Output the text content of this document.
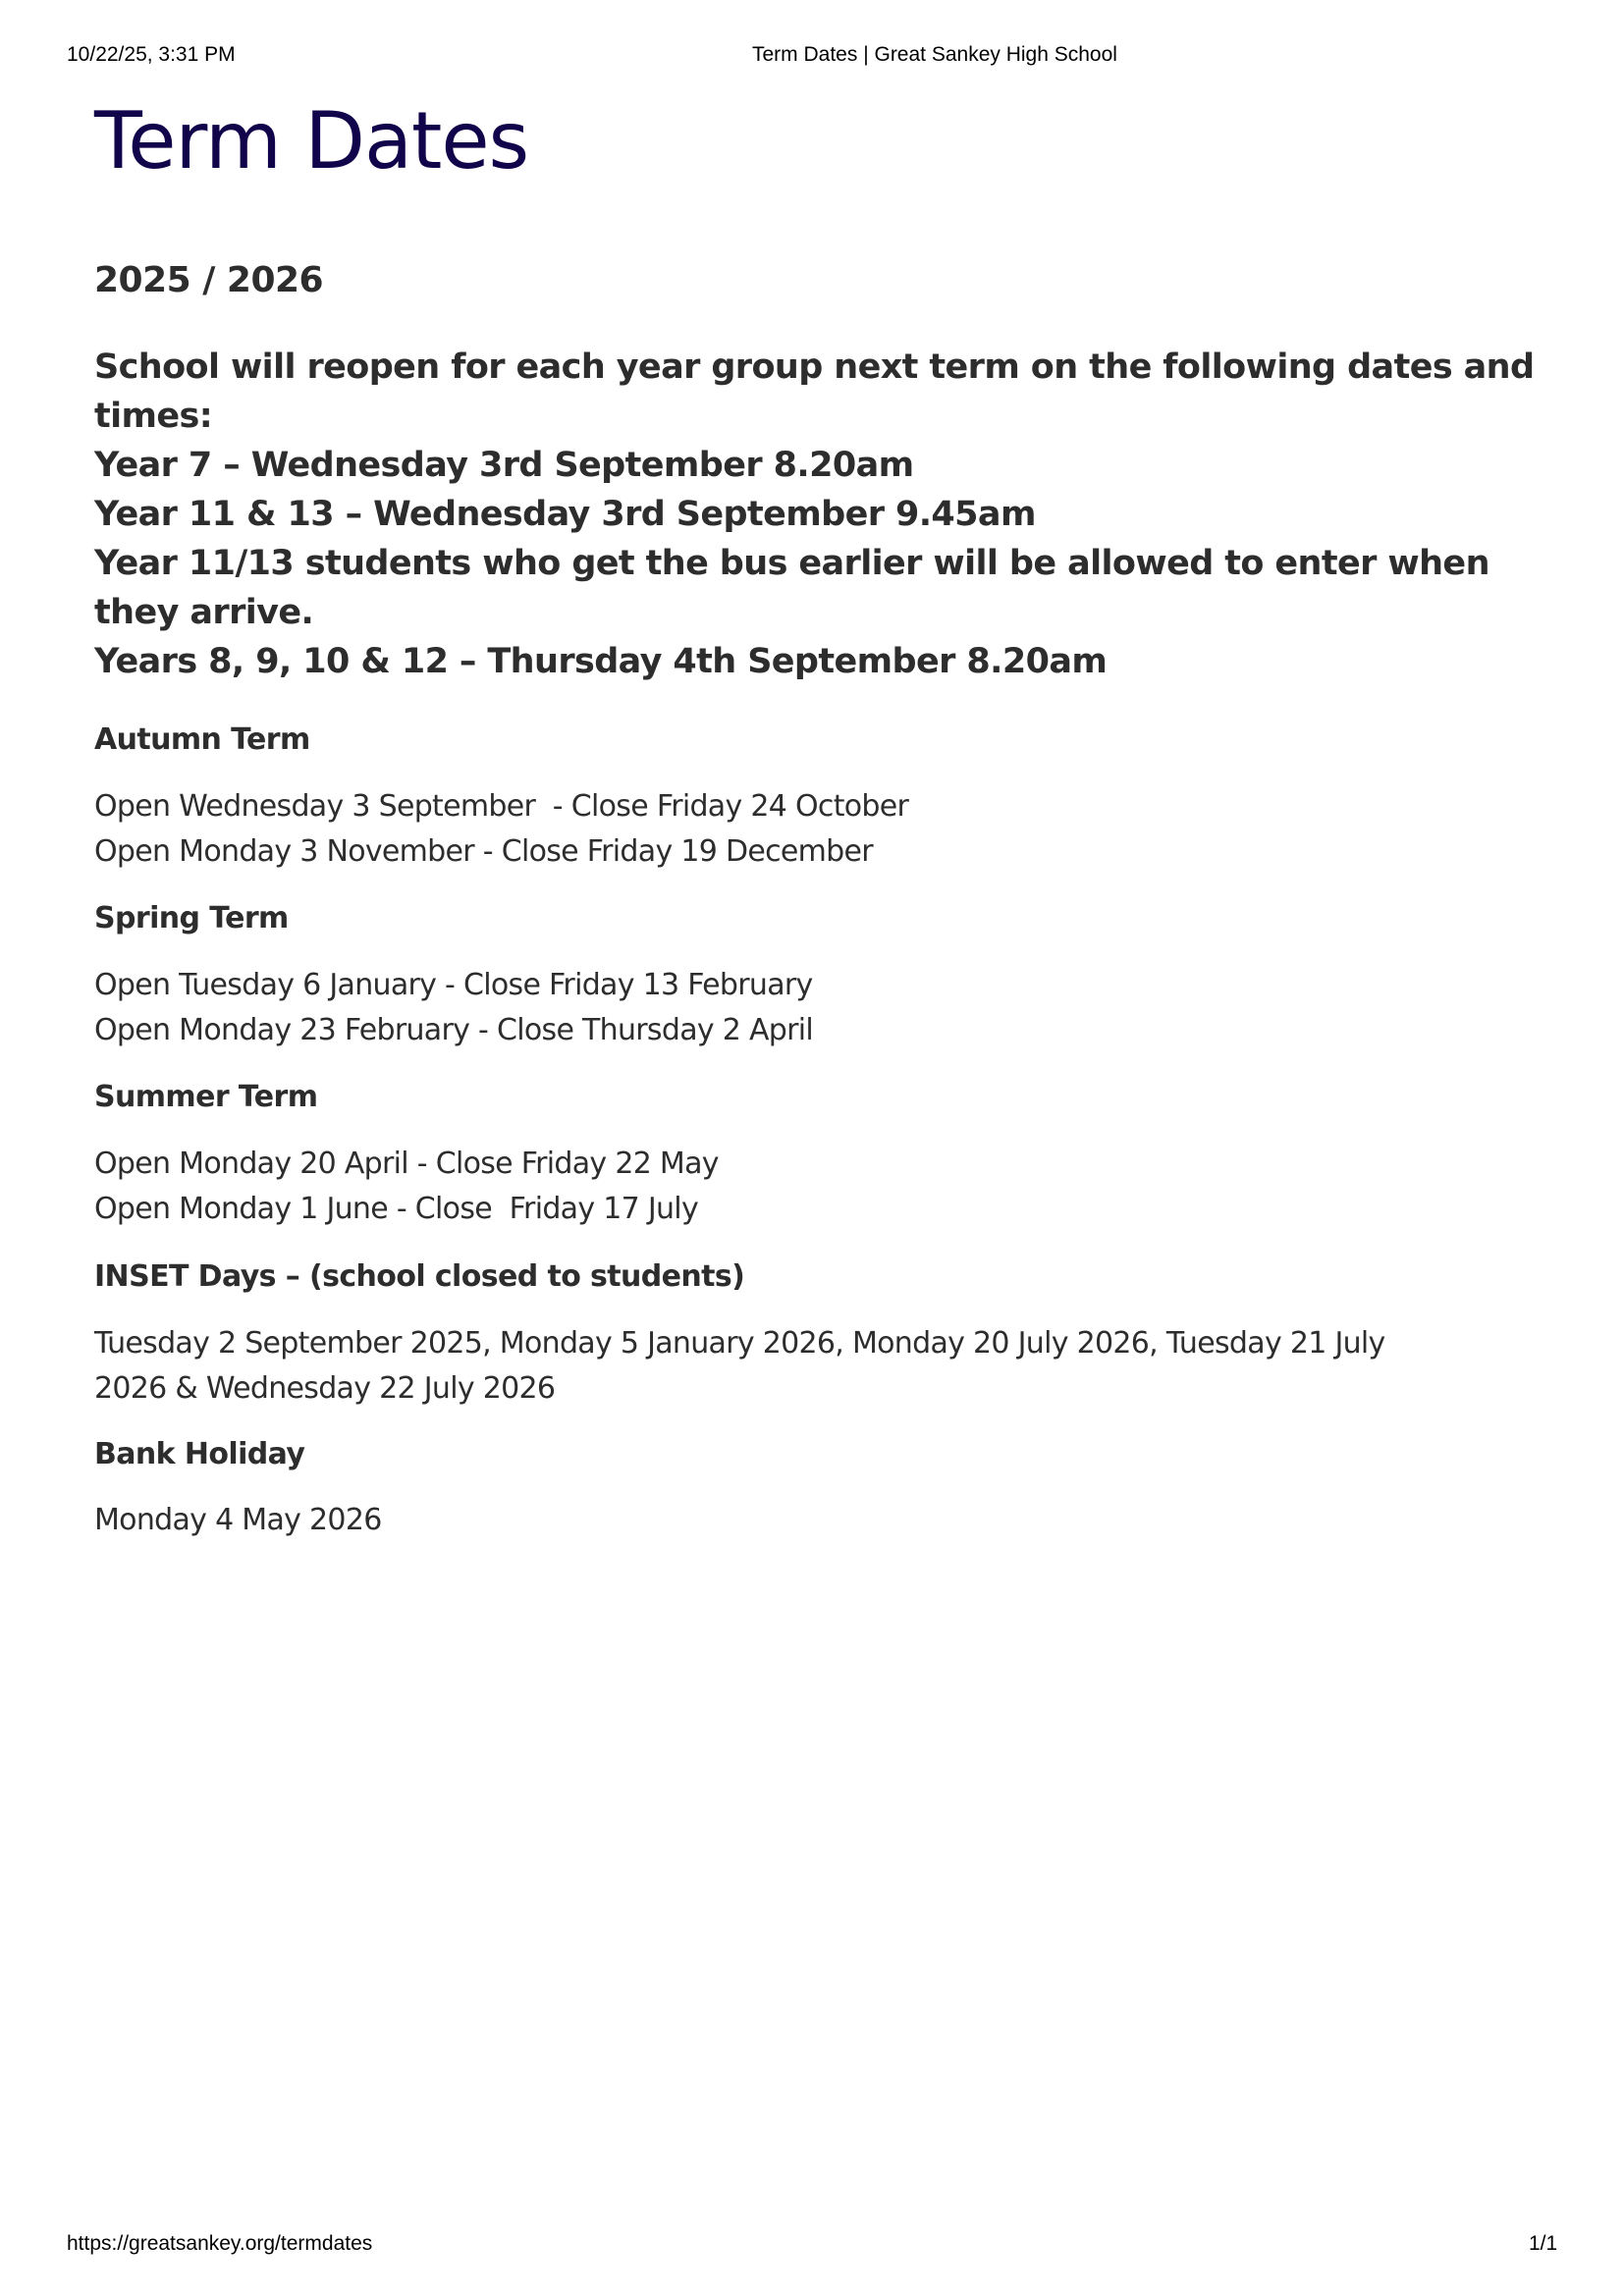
10/22/25, 3:31 PM	Term Dates | Great Sankey High School
Term Dates
2025 / 2026

School will reopen for each year group next term on the following dates and
times:
Year 7 – Wednesday 3rd September 8.20am
Year 11 & 13 – Wednesday 3rd September 9.45am
Year 11/13 students who get the bus earlier will be allowed to enter when
they arrive.
Years 8, 9, 10 & 12 – Thursday 4th September 8.20am

Autumn Term

Open Wednesday 3 September  - Close Friday 24 October
Open Monday 3 November - Close Friday 19 December

Spring Term

Open Tuesday 6 January - Close Friday 13 February
Open Monday 23 February - Close Thursday 2 April

Summer Term

Open Monday 20 April - Close Friday 22 May
Open Monday 1 June - Close  Friday 17 July

INSET Days – (school closed to students)

Tuesday 2 September 2025, Monday 5 January 2026, Monday 20 July 2026, Tuesday 21 July
2026 & Wednesday 22 July 2026

Bank Holiday

Monday 4 May 2026

https://greatsankey.org/termdates	1/1
